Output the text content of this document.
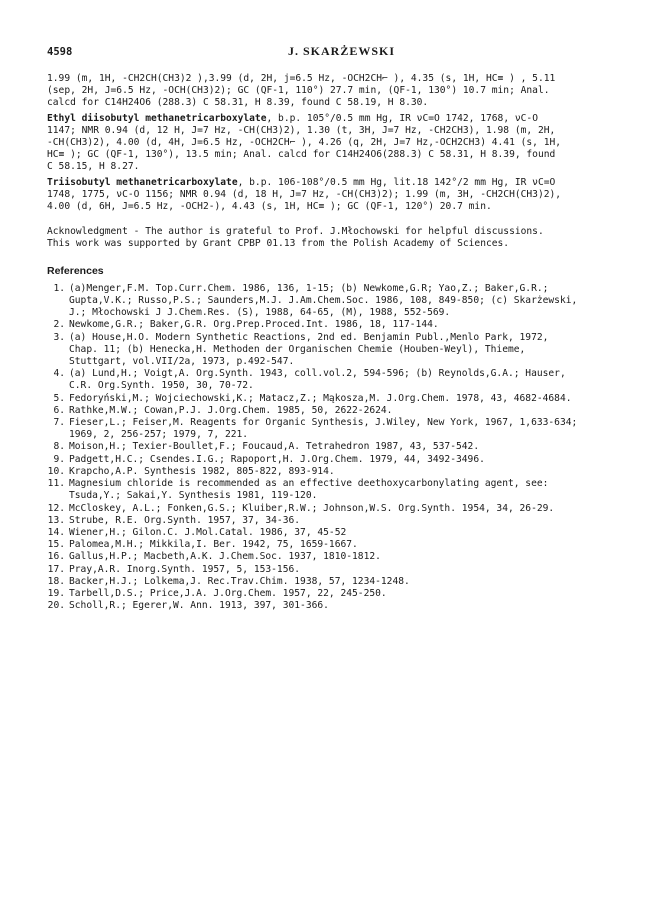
4598	J. SKARŻEWSKI
1.99 (m, 1H, -CH2CH(CH3)2 ),3.99 (d, 2H, j=6.5 Hz, -OCH2CH⌐ ), 4.35 (s, 1H, HC≡ ) , 5.11
(sep, 2H, J=6.5 Hz, -OCH(CH3)2); GC (QF-1, 110°) 27.7 min, (QF-1, 130°) 10.7 min; Anal.
calcd for C14H24O6 (288.3) C 58.31, H 8.39, found C 58.19, H 8.30.
Ethyl diisobutyl methanetricarboxylate, b.p. 105°/0.5 mm Hg, IR νC=O 1742, 1768, νC-O
1147; NMR 0.94 (d, 12 H, J=7 Hz, -CH(CH3)2), 1.30 (t, 3H, J=7 Hz, -CH2CH3), 1.98 (m, 2H,
-CH(CH3)2), 4.00 (d, 4H, J=6.5 Hz, -OCH2CH⌐ ), 4.26 (q, 2H, J=7 Hz,-OCH2CH3) 4.41 (s, 1H,
HC≡ ); GC (QF-1, 130°), 13.5 min; Anal. calcd for C14H24O6(288.3) C 58.31, H 8.39, found
C 58.15, H 8.27.
Triisobutyl methanetricarboxylate, b.p. 106-108°/0.5 mm Hg, lit.18 142°/2 mm Hg, IR νC=O
1748, 1775, νC-O 1156; NMR 0.94 (d, 18 H, J=7 Hz, -CH(CH3)2); 1.99 (m, 3H, -CH2CH(CH3)2),
4.00 (d, 6H, J=6.5 Hz, -OCH2-), 4.43 (s, 1H, HC≡ ); GC (QF-1, 120°) 20.7 min.
Acknowledgment - The author is grateful to Prof. J.Młochowski for helpful discussions.
This work was supported by Grant CPBP 01.13 from the Polish Academy of Sciences.
References
1. (a)Menger,F.M. Top.Curr.Chem. 1986, 136, 1-15; (b) Newkome,G.R; Yao,Z.; Baker,G.R.;
Gupta,V.K.; Russo,P.S.; Saunders,M.J. J.Am.Chem.Soc. 1986, 108, 849-850; (c) Skarżewski,
J.; Młochowski J J.Chem.Res. (S), 1988, 64-65, (M), 1988, 552-569.
2. Newkome,G.R.; Baker,G.R. Org.Prep.Proced.Int. 1986, 18, 117-144.
3. (a) House,H.O. Modern Synthetic Reactions, 2nd ed. Benjamin Publ.,Menlo Park, 1972,
Chap. 11; (b) Henecka,H. Methoden der Organischen Chemie (Houben-Weyl), Thieme,
Stuttgart, vol.VII/2a, 1973, p.492-547.
4. (a) Lund,H.; Voigt,A. Org.Synth. 1943, coll.vol.2, 594-596; (b) Reynolds,G.A.; Hauser,
C.R. Org.Synth. 1950, 30, 70-72.
5. Fedoryński,M.; Wojciechowski,K.; Matacz,Z.; Mąkosza,M. J.Org.Chem. 1978, 43, 4682-4684.
6. Rathke,M.W.; Cowan,P.J. J.Org.Chem. 1985, 50, 2622-2624.
7. Fieser,L.; Feiser,M. Reagents for Organic Synthesis, J.Wiley, New York, 1967, 1,633-634;
1969, 2, 256-257; 1979, 7, 221.
8. Moison,H.; Texier-Boullet,F.; Foucaud,A. Tetrahedron 1987, 43, 537-542.
9. Padgett,H.C.; Csendes.I.G.; Rapoport,H. J.Org.Chem. 1979, 44, 3492-3496.
10. Krapcho,A.P. Synthesis 1982, 805-822, 893-914.
11. Magnesium chloride is recommended as an effective deethoxycarbonylating agent, see:
Tsuda,Y.; Sakai,Y. Synthesis 1981, 119-120.
12. McCloskey, A.L.; Fonken,G.S.; Kluiber,R.W.; Johnson,W.S. Org.Synth. 1954, 34, 26-29.
13. Strube, R.E. Org.Synth. 1957, 37, 34-36.
14. Wiener,H.; Gilon.C. J.Mol.Catal. 1986, 37, 45-52
15. Palomea,M.H.; Mikkila,I. Ber. 1942, 75, 1659-1667.
16. Gallus,H.P.; Macbeth,A.K. J.Chem.Soc. 1937, 1810-1812.
17. Pray,A.R. Inorg.Synth. 1957, 5, 153-156.
18. Backer,H.J.; Lolkema,J. Rec.Trav.Chim. 1938, 57, 1234-1248.
19. Tarbell,D.S.; Price,J.A. J.Org.Chem. 1957, 22, 245-250.
20. Scholl,R.; Egerer,W. Ann. 1913, 397, 301-366.
